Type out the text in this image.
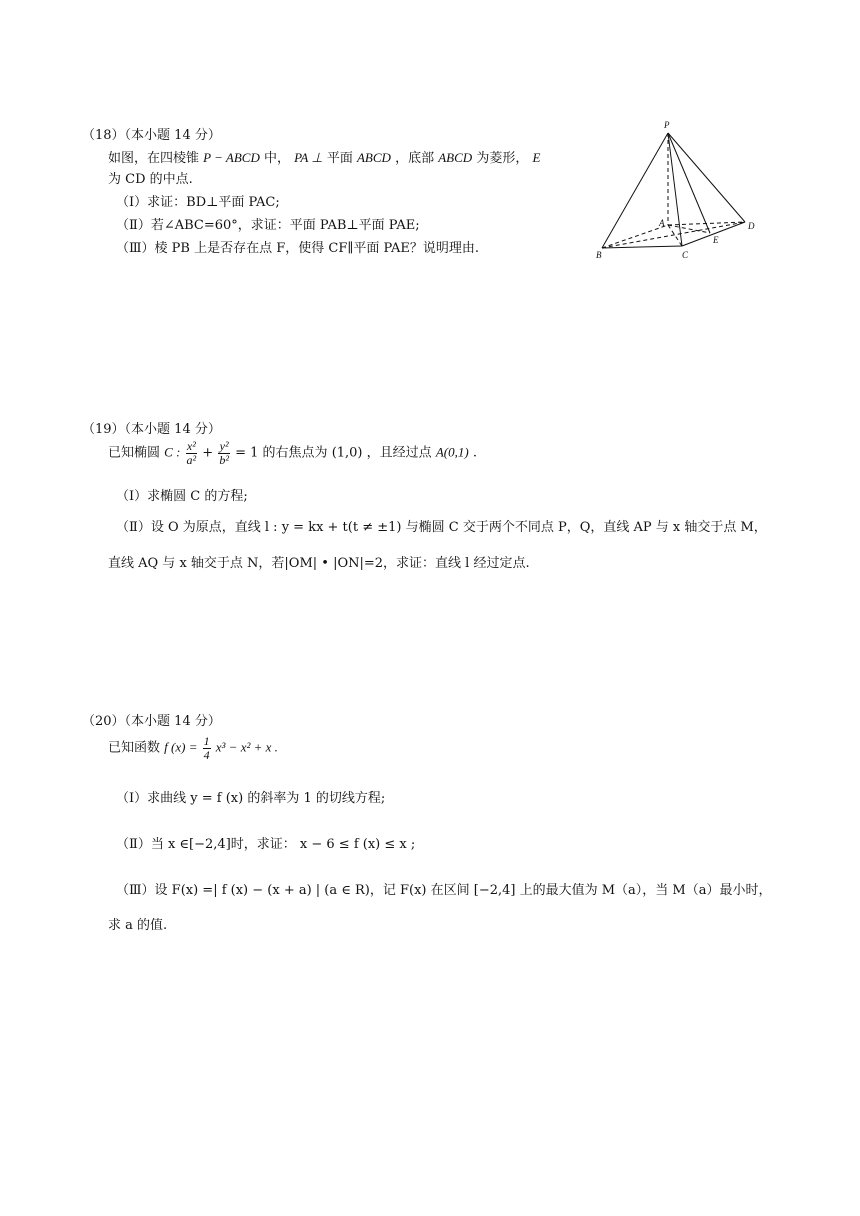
（18）（本小题 14 分）
如图，在四棱锥 P − ABCD 中， PA ⊥ 平面 ABCD ，底部 ABCD 为菱形， E
为 CD 的中点.
（Ⅰ）求证：BD⊥平面 PAC;
（Ⅱ）若∠ABC=60°，求证：平面 PAB⊥平面 PAE;
（Ⅲ）棱 PB 上是否存在点 F，使得 CF∥平面 PAE？说明理由.
P
A
B	C
D
E
（19）（本小题 14 分）
已知椭圆 C : $\frac{\text{x²}}{\text{a²}} + \frac{\text{y²}}{\text{b²}} = 1$ 的右焦点为 (1,0) ，且经过点 A(0,1) .
（Ⅰ）求椭圆 C 的方程;
（Ⅱ）设 O 为原点，直线 l : y = kx + t(t ≠ ±1) 与椭圆 C 交于两个不同点 P，Q，直线 AP 与 x 轴交于点 M，
直线 AQ 与 x 轴交于点 N，若|OM| • |ON|=2，求证：直线 l 经过定点.
（20）（本小题 14 分）
已知函数 f $(x) = \frac{1}{4} x^3 - x^2 + x$ .
（Ⅰ）求曲线 y = f (x) 的斜率为 1 的切线方程;
（Ⅱ）当 x ∈[−2,4]时，求证： x − 6 ≤ f (x) ≤ x ;
（Ⅲ）设 F(x) =| f (x) − (x + a) | (a ∈ R)，记 F(x) 在区间 [−2,4] 上的最大值为 M（a），当 M（a）最小时，
求 a 的值.
